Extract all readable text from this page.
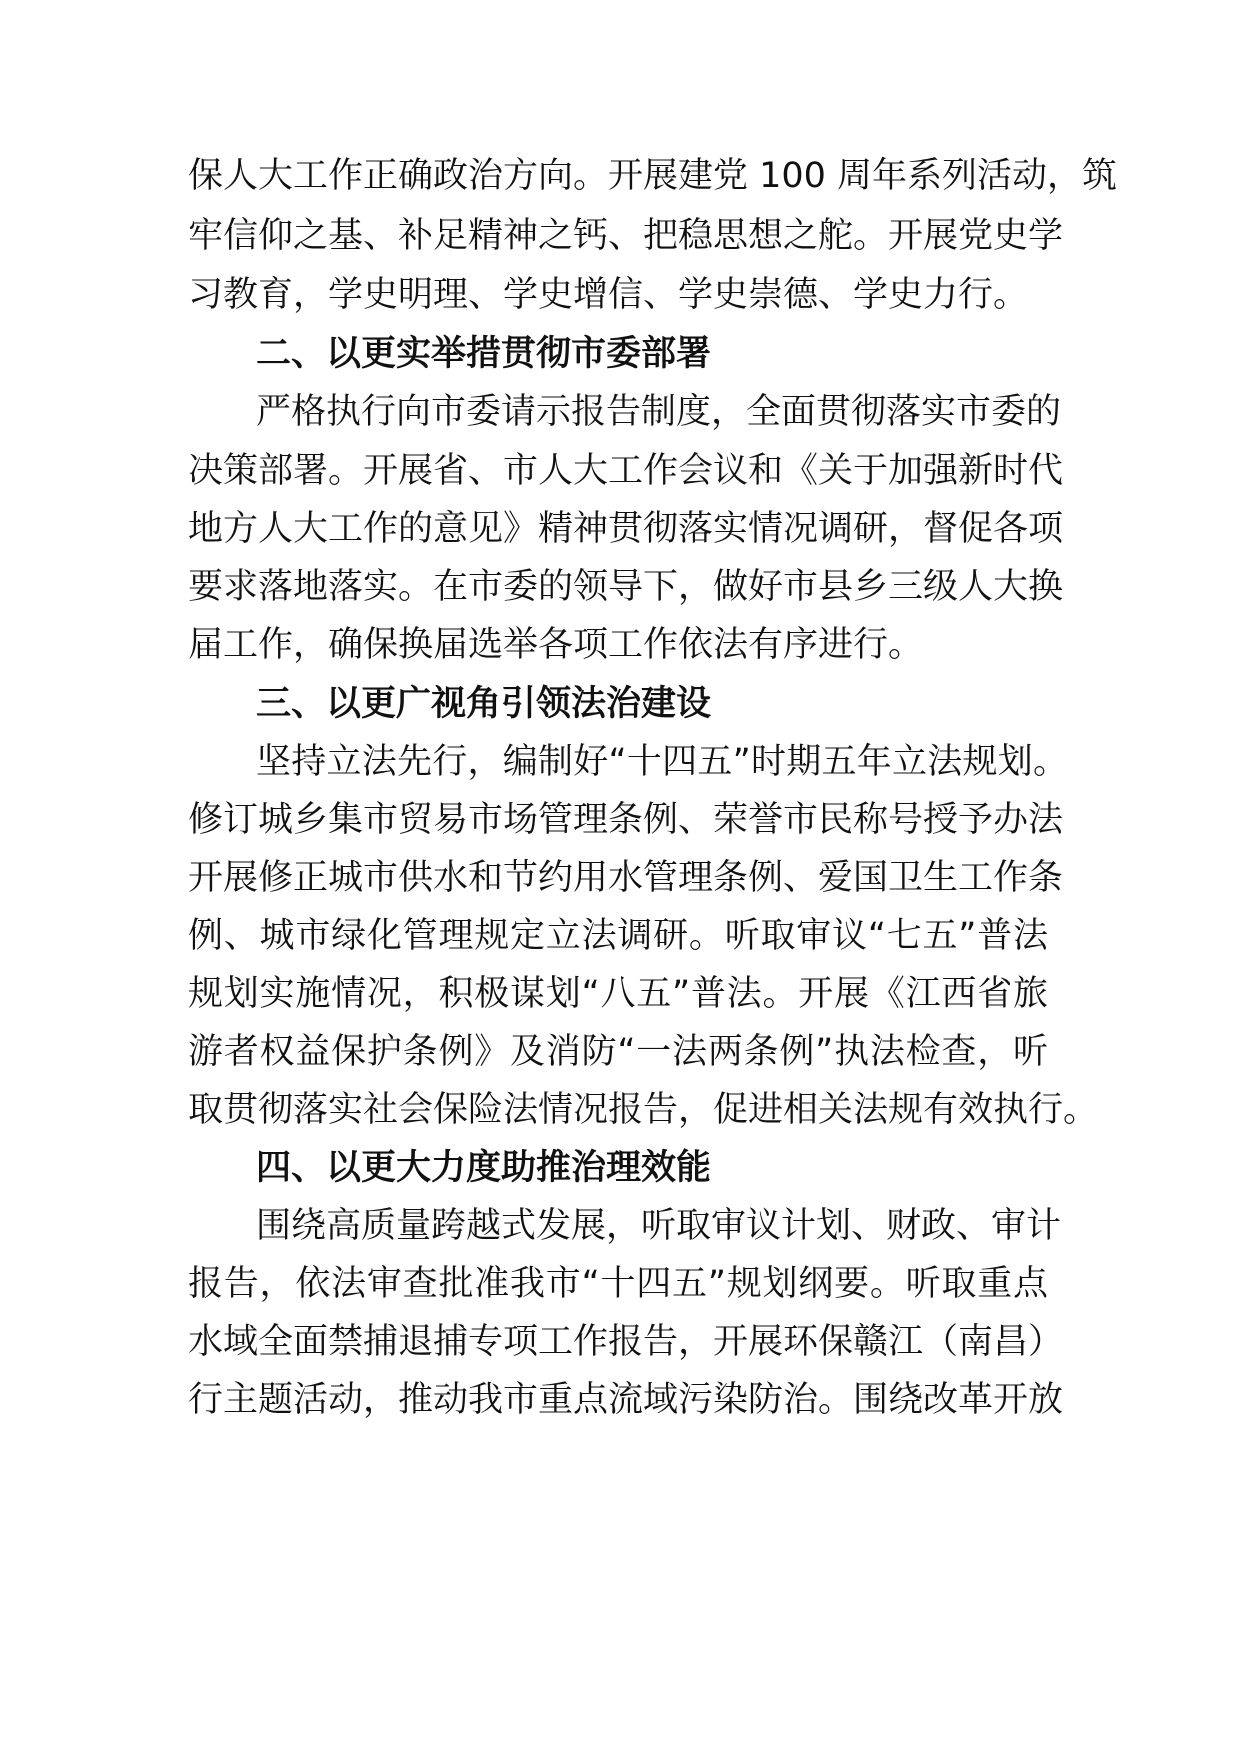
保人大工作正确政治方向。开展建党 100 周年系列活动，筑
牢信仰之基、补足精神之钙、把稳思想之舵。开展党史学
习教育，学史明理、学史增信、学史崇德、学史力行。
二、以更实举措贯彻市委部署
严格执行向市委请示报告制度，全面贯彻落实市委的
决策部署。开展省、市人大工作会议和《关于加强新时代
地方人大工作的意见》精神贯彻落实情况调研，督促各项
要求落地落实。在市委的领导下，做好市县乡三级人大换
届工作，确保换届选举各项工作依法有序进行。
三、以更广视角引领法治建设
坚持立法先行，编制好“十四五”时期五年立法规划。
修订城乡集市贸易市场管理条例、荣誉市民称号授予办法
开展修正城市供水和节约用水管理条例、爱国卫生工作条
例、城市绿化管理规定立法调研。听取审议“七五”普法
规划实施情况，积极谋划“八五”普法。开展《江西省旅
游者权益保护条例》及消防“一法两条例”执法检查，听
取贯彻落实社会保险法情况报告，促进相关法规有效执行。
四、以更大力度助推治理效能
围绕高质量跨越式发展，听取审议计划、财政、审计
报告，依法审查批准我市“十四五”规划纲要。听取重点
水域全面禁捕退捕专项工作报告，开展环保赣江（南昌）
行主题活动，推动我市重点流域污染防治。围绕改革开放
